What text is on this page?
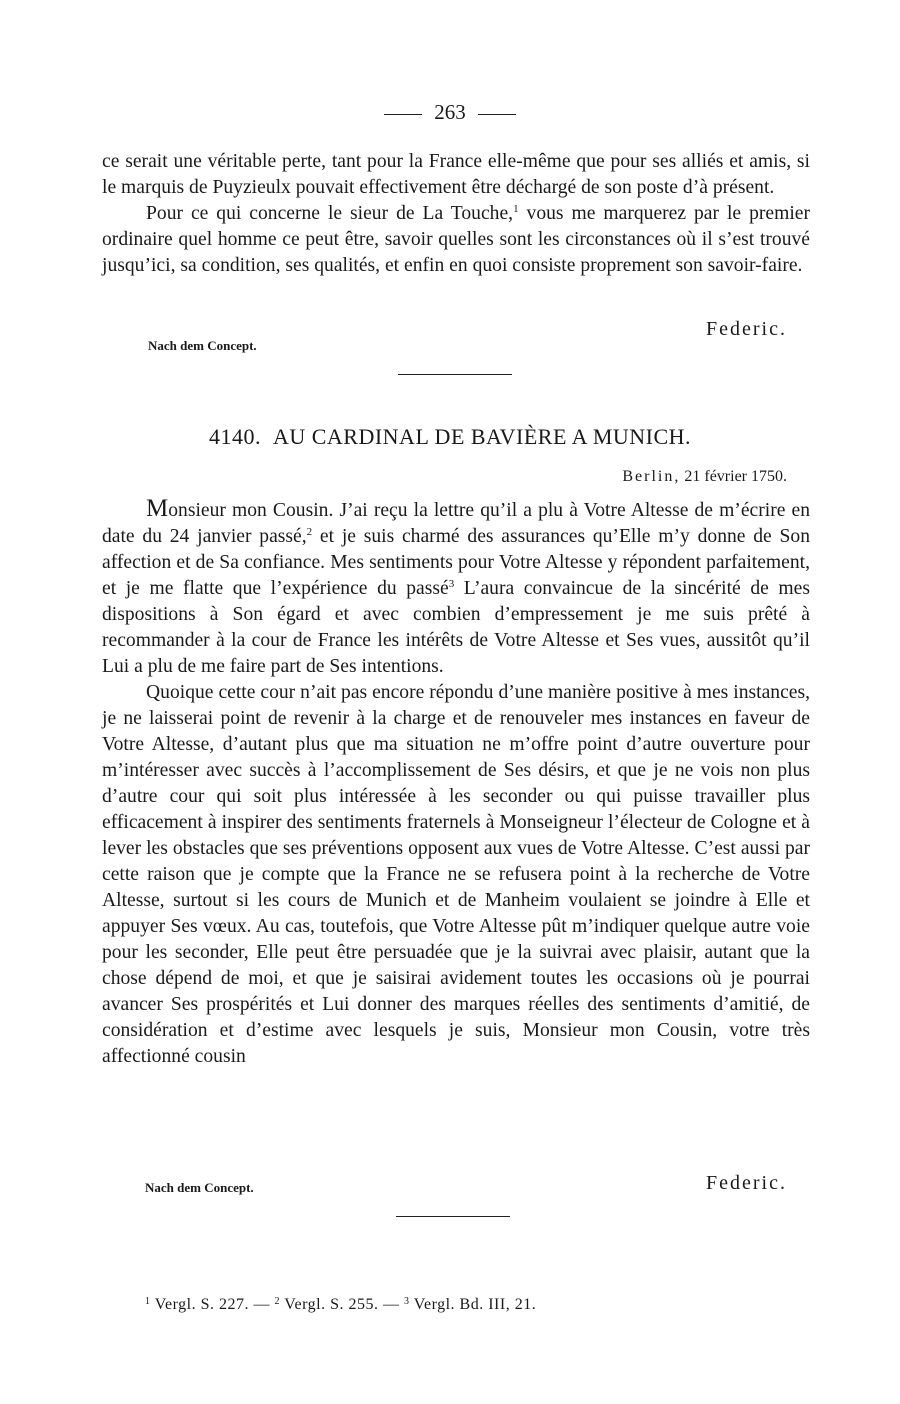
263

ce serait une véritable perte, tant pour la France elle-même que pour ses alliés et amis, si le marquis de Puyzieulx pouvait effectivement être déchargé de son poste d’à présent.

Pour ce qui concerne le sieur de La Touche,$^1$ vous me marquerez par le premier ordinaire quel homme ce peut être, savoir quelles sont les circonstances où il s’est trouvé jusqu’ici, sa condition, ses qualités, et enfin en quoi consiste proprement son savoir-faire.

Federic.
Nach dem Concept.
4140. AU CARDINAL DE BAVIÈRE A MUNICH.
Berlin, 21 février 1750.

Monsieur mon Cousin. J’ai reçu la lettre qu’il a plu à Votre Altesse de m’écrire en date du 24 janvier passé,$^2$ et je suis charmé des assurances qu’Elle m’y donne de Son affection et de Sa confiance. Mes sentiments pour Votre Altesse y répondent parfaitement, et je me flatte que l’expérience du passé$^3$ L’aura convaincue de la sincérité de mes dispositions à Son égard et avec combien d’empressement je me suis prêté à recommander à la cour de France les intérêts de Votre Altesse et Ses vues, aussitôt qu’il Lui a plu de me faire part de Ses intentions.

Quoique cette cour n’ait pas encore répondu d’une manière positive à mes instances, je ne laisserai point de revenir à la charge et de renouveler mes instances en faveur de Votre Altesse, d’autant plus que ma situation ne m’offre point d’autre ouverture pour m’intéresser avec succès à l’accomplissement de Ses désirs, et que je ne vois non plus d’autre cour qui soit plus intéressée à les seconder ou qui puisse travailler plus efficacement à inspirer des sentiments fraternels à Monseigneur l’électeur de Cologne et à lever les obstacles que ses préventions opposent aux vues de Votre Altesse. C’est aussi par cette raison que je compte que la France ne se refusera point à la recherche de Votre Altesse, surtout si les cours de Munich et de Manheim voulaient se joindre à Elle et appuyer Ses vœux. Au cas, toutefois, que Votre Altesse pût m’indiquer quelque autre voie pour les seconder, Elle peut être persuadée que je la suivrai avec plaisir, autant que la chose dépend de moi, et que je saisirai avidement toutes les occasions où je pourrai avancer Ses prospérités et Lui donner des marques réelles des sentiments d’amitié, de considération et d’estime avec lesquels je suis, Monsieur mon Cousin, votre très affectionné cousin

Federic.
Nach dem Concept.
$^1$ Vergl. S. 227. — $^2$ Vergl. S. 255. — $^3$ Vergl. Bd. III, 21.
